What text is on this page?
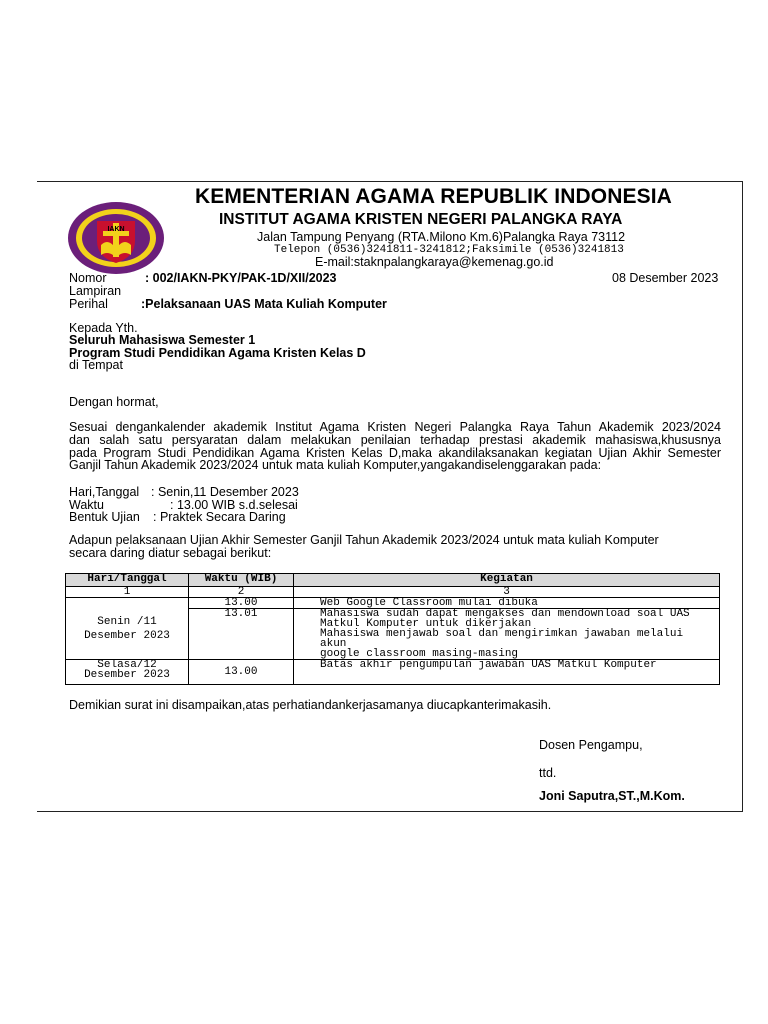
IAKN
KEMENTERIAN AGAMA REPUBLIK INDONESIA
INSTITUT AGAMA KRISTEN NEGERI PALANGKA RAYA
Jalan Tampung Penyang (RTA.Milono Km.6)Palangka Raya 73112
Telepon (0536)3241811-3241812;Faksimile (0536)3241813
E-mail:staknpalangkaraya@kemenag.go.id
Nomor	: 002/IAKN-PKY/PAK-1D/XII/2023	08 Desember 2023
Lampiran
Perihal	:Pelaksanaan UAS Mata Kuliah Komputer
Kepada Yth.
Seluruh Mahasiswa Semester 1
Program Studi Pendidikan Agama Kristen Kelas D
di Tempat
Dengan hormat,
Sesuai dengankalender akademik Institut Agama Kristen Negeri Palangka Raya Tahun Akademik 2023/2024
dan salah satu persyaratan dalam melakukan penilaian terhadap prestasi akademik mahasiswa,khususnya
pada Program Studi Pendidikan Agama Kristen Kelas D,maka akandilaksanakan kegiatan Ujian Akhir Semester
Ganjil Tahun Akademik 2023/2024 untuk mata kuliah Komputer,yangakandiselenggarakan pada:
Hari,Tanggal : Senin,11 Desember 2023
Waktu	: 13.00 WIB s.d.selesai
Bentuk Ujian : Praktek Secara Daring
Adapun pelaksanaan Ujian Akhir Semester Ganjil Tahun Akademik 2023/2024 untuk mata kuliah Komputer
secara daring diatur sebagai berikut:
Hari/Tanggal	Waktu (WIB)	Kegiatan
1	2	3

Senin /11
Desember 2023	13.00	Web Google Classroom mulai dibuka

	13.01	Mahasiswa sudah dapat mengakses dan mendownload soal UAS
Matkul Komputer untuk dikerjakan
Mahasiswa menjawab soal dan mengirimkan jawaban melalui akun
google classroom masing-masing

Selasa/12
Desember 2023	13.00	Batas akhir pengumpulan jawaban UAS Matkul Komputer
Demikian surat ini disampaikan,atas perhatiandankerjasamanya diucapkanterimakasih.
Dosen Pengampu,
ttd.
Joni Saputra,ST.,M.Kom.
